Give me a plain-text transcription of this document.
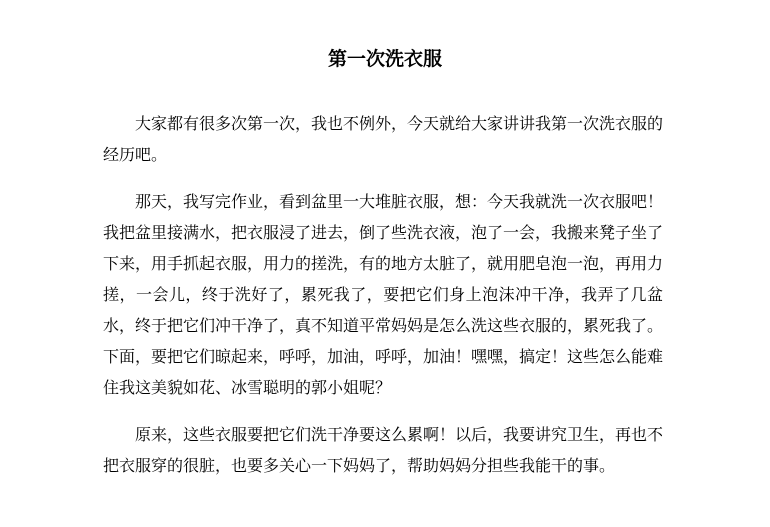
第一次洗衣服

大家都有很多次第一次，我也不例外，今天就给大家讲讲我第一次洗衣服的经历吧。

那天，我写完作业，看到盆里一大堆脏衣服，想：今天我就洗一次衣服吧！我把盆里接满水，把衣服浸了进去，倒了些洗衣液，泡了一会，我搬来凳子坐了下来，用手抓起衣服，用力的搓洗，有的地方太脏了，就用肥皂泡一泡，再用力搓，一会儿，终于洗好了，累死我了，要把它们身上泡沫冲干净，我弄了几盆水，终于把它们冲干净了，真不知道平常妈妈是怎么洗这些衣服的，累死我了。下面，要把它们晾起来，呼呼，加油，呼呼，加油！嘿嘿，搞定！这些怎么能难住我这美貌如花、冰雪聪明的郭小姐呢？

原来，这些衣服要把它们洗干净要这么累啊！以后，我要讲究卫生，再也不把衣服穿的很脏，也要多关心一下妈妈了，帮助妈妈分担些我能干的事。
